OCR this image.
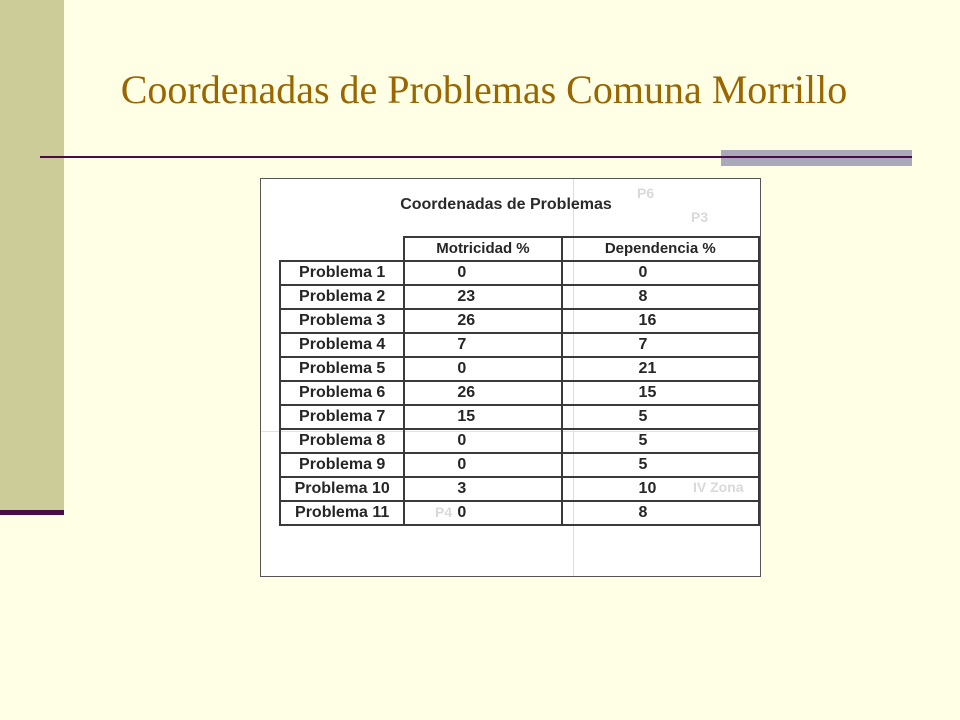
Coordenadas de Problemas Comuna Morrillo
P6
P3
P4
IV Zona
Coordenadas de Problemas
	Motricidad %	Dependencia %
Problema 1	0	0
Problema 2	23	8
Problema 3	26	16
Problema 4	7	7
Problema 5	0	21
Problema 6	26	15
Problema 7	15	5
Problema 8	0	5
Problema 9	0	5
Problema 10	3	10
Problema 11	0	8
